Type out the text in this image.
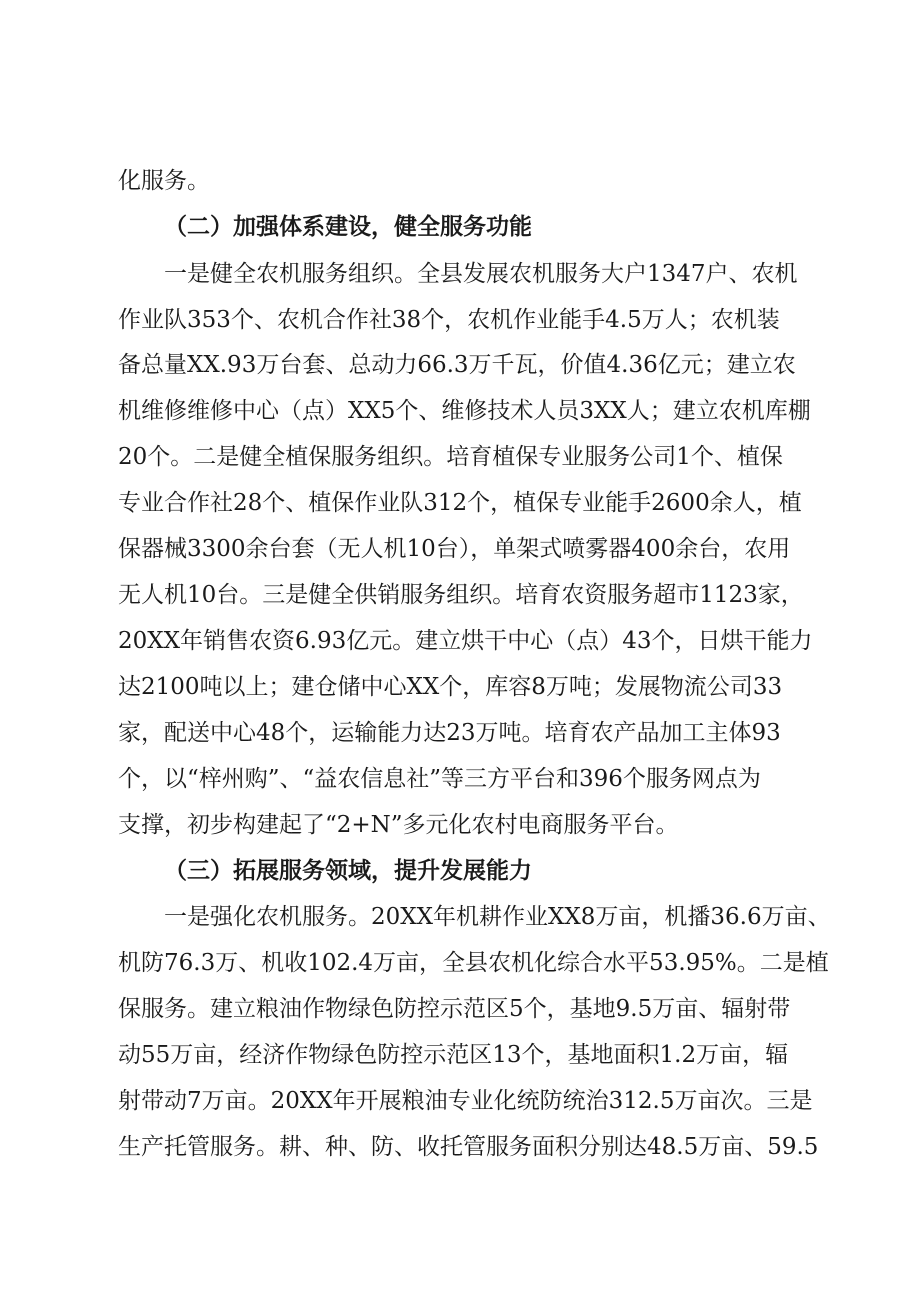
化服务。

（二）加强体系建设，健全服务功能

一是健全农机服务组织。全县发展农机服务大户1347户、农机

作业队353个、农机合作社38个，农机作业能手4.5万人；农机装

备总量XX.93万台套、总动力66.3万千瓦，价值4.36亿元；建立农

机维修维修中心（点）XX5个、维修技术人员3XX人；建立农机库棚

20个。二是健全植保服务组织。培育植保专业服务公司1个、植保

专业合作社28个、植保作业队312个，植保专业能手2600余人，植

保器械3300余台套（无人机10台），单架式喷雾器400余台，农用

无人机10台。三是健全供销服务组织。培育农资服务超市1123家，

20XX年销售农资6.93亿元。建立烘干中心（点）43个，日烘干能力

达2100吨以上；建仓储中心XX个，库容8万吨；发展物流公司33

家，配送中心48个，运输能力达23万吨。培育农产品加工主体93

个，以“梓州购”、“益农信息社”等三方平台和396个服务网点为

支撑，初步构建起了“2+N”多元化农村电商服务平台。

（三）拓展服务领域，提升发展能力

一是强化农机服务。20XX年机耕作业XX8万亩，机播36.6万亩、

机防76.3万、机收102.4万亩，全县农机化综合水平53.95%。二是植

保服务。建立粮油作物绿色防控示范区5个，基地9.5万亩、辐射带

动55万亩，经济作物绿色防控示范区13个，基地面积1.2万亩，辐

射带动7万亩。20XX年开展粮油专业化统防统治312.5万亩次。三是

生产托管服务。耕、种、防、收托管服务面积分别达48.5万亩、59.5
